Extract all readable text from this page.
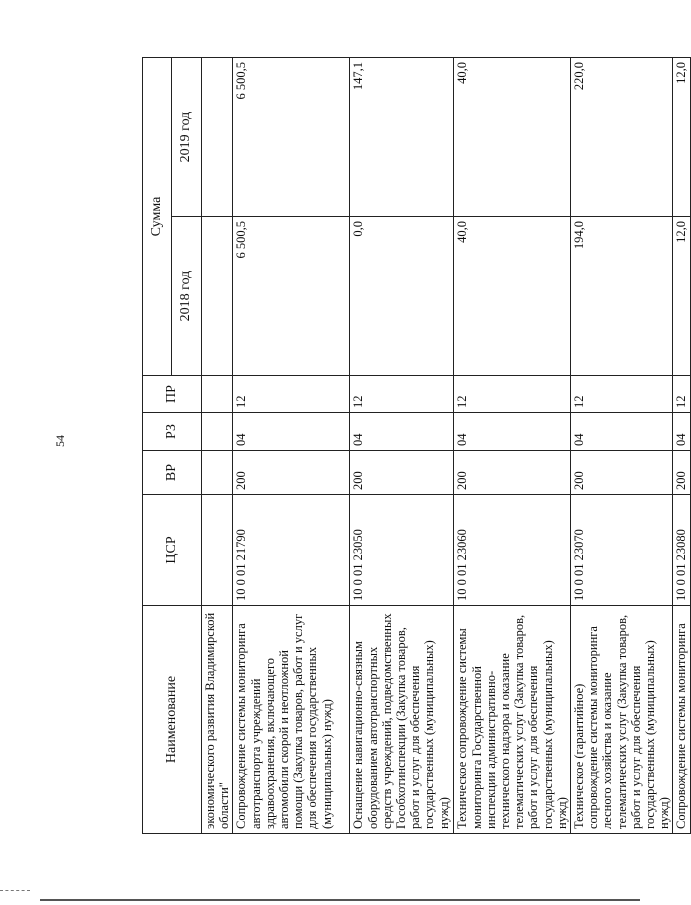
54
Наименование	ЦСР	ВР	РЗ	ПР	Сумма	
					2018 год	2019 год
экономического развития Владимирской области"						
Сопровождение системы мониторинга автотранспорта учреждений здравоохранения, включающего автомобили скорой и неотложной помощи (Закупка товаров, работ и услуг для обеспечения государственных (муниципальных) нужд)	10 0 01 21790	200	04	12	6 500,5	6 500,5
Оснащение навигационно-связным оборудованием автотранспортных средств учреждений, подведомственных Гособхотинспекции (Закупка товаров, работ и услуг для обеспечения государственных (муниципальных) нужд)	10 0 01 23050	200	04	12	0,0	147,1
Техническое сопровождение системы мониторинга Государственной инспекции административно-технического надзора и оказание телематических услуг (Закупка товаров, работ и услуг для обеспечения государственных (муниципальных) нужд)	10 0 01 23060	200	04	12	40,0	40,0
Техническое (гарантийное) сопровождение системы мониторинга лесного хозяйства и оказание телематических услуг (Закупка товаров, работ и услуг для обеспечения государственных (муниципальных) нужд)	10 0 01 23070	200	04	12	194,0	220,0
Сопровождение системы мониторинга	10 0 01 23080	200	04	12	12,0	12,0
